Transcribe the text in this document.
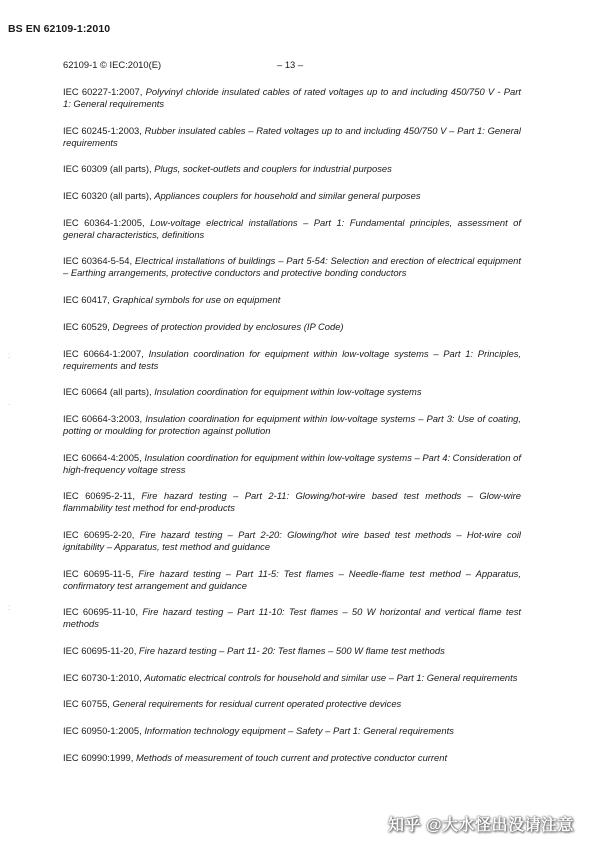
BS EN 62109-1:2010
62109-1 © IEC:2010(E)	– 13 –
IEC 60227-1:2007, Polyvinyl chloride insulated cables of rated voltages up to and including 450/750 V - Part 1: General requirements
IEC 60245-1:2003, Rubber insulated cables – Rated voltages up to and including 450/750 V – Part 1: General requirements
IEC 60309 (all parts), Plugs, socket-outlets and couplers for industrial purposes
IEC 60320 (all parts), Appliances couplers for household and similar general purposes
IEC 60364-1:2005, Low-voltage electrical installations – Part 1: Fundamental principles, assessment of general characteristics, definitions
IEC 60364-5-54, Electrical installations of buildings – Part 5-54: Selection and erection of electrical equipment – Earthing arrangements, protective conductors and protective bonding conductors
IEC 60417, Graphical symbols for use on equipment
IEC 60529, Degrees of protection provided by enclosures (IP Code)
IEC 60664-1:2007, Insulation coordination for equipment within low-voltage systems – Part 1: Principles, requirements and tests
IEC 60664 (all parts), Insulation coordination for equipment within low-voltage systems
IEC 60664-3:2003, Insulation coordination for equipment within low-voltage systems – Part 3: Use of coating, potting or moulding for protection against pollution
IEC 60664-4:2005, Insulation coordination for equipment within low-voltage systems – Part 4: Consideration of high-frequency voltage stress
IEC 60695-2-11, Fire hazard testing – Part 2-11: Glowing/hot-wire based test methods – Glow-wire flammability test method for end-products
IEC 60695-2-20, Fire hazard testing – Part 2-20: Glowing/hot wire based test methods – Hot-wire coil ignitability – Apparatus, test method and guidance
IEC 60695-11-5, Fire hazard testing – Part 11-5: Test flames – Needle-flame test method – Apparatus, confirmatory test arrangement and guidance
IEC 60695-11-10, Fire hazard testing – Part 11-10: Test flames – 50 W horizontal and vertical flame test methods
IEC 60695-11-20, Fire hazard testing – Part 11- 20: Test flames – 500 W flame test methods
IEC 60730-1:2010, Automatic electrical controls for household and similar use – Part 1: General requirements
IEC 60755, General requirements for residual current operated protective devices
IEC 60950-1:2005, Information technology equipment – Safety – Part 1: General requirements
IEC 60990:1999, Methods of measurement of touch current and protective conductor current
:
·
:
知乎 @大水怪出没请注意
